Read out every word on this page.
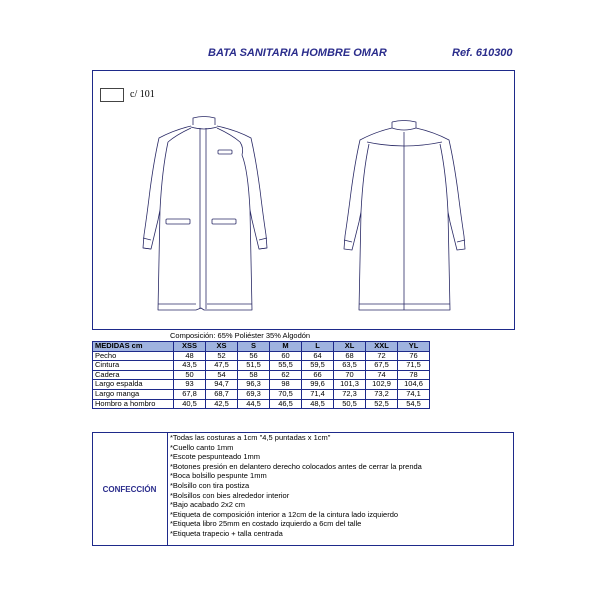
BATA SANITARIA HOMBRE OMAR	Ref. 610300
c/ 101
Composición: 65% Poliéster 35% Algodón
MEDIDAS cm	XSS	XS	S	M	L	XL	XXL	YL
Pecho	48	52	56	60	64	68	72	76
Cintura	43,5	47,5	51,5	55,5	59,5	63,5	67,5	71,5
Cadera	50	54	58	62	66	70	74	78
Largo espalda	93	94,7	96,3	98	99,6	101,3	102,9	104,6
Largo manga	67,8	68,7	69,3	70,5	71,4	72,3	73,2	74,1
Hombro a hombro	40,5	42,5	44,5	46,5	48,5	50,5	52,5	54,5
CONFECCIÓN
*Todas las costuras a 1cm "4,5 puntadas x 1cm"
*Cuello canto 1mm
*Escote pespunteado 1mm
*Botones presión en delantero derecho colocados antes de cerrar la prenda
*Boca bolsillo pespunte 1mm
*Bolsillo con tira postiza
*Bolsillos con bies alrededor interior
*Bajo acabado 2x2 cm
*Etiqueta de composición interior a 12cm de la cintura lado izquierdo
*Etiqueta libro 25mm en costado izquierdo a 6cm del talle
*Etiqueta trapecio + talla centrada
